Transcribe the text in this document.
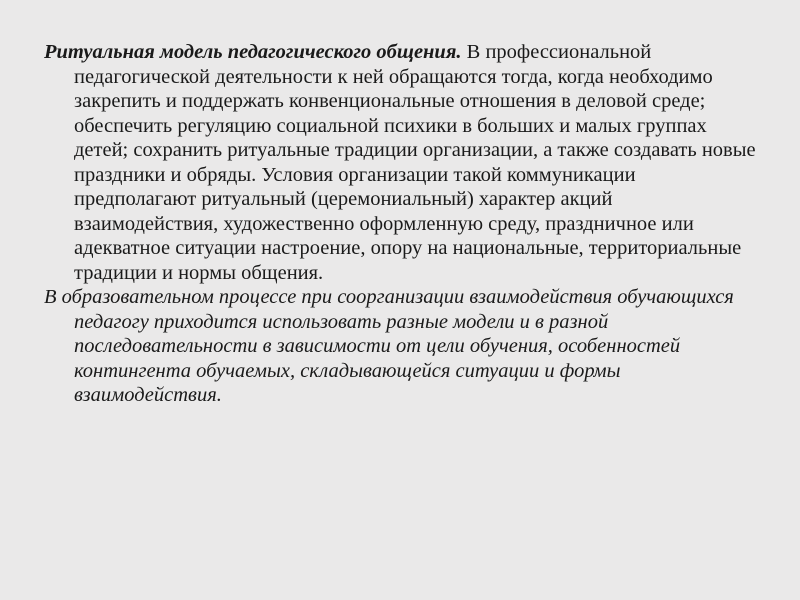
Ритуальная модель педагогического общения. В профессиональной педагогической деятельности к ней обращаются тогда, когда необходимо закрепить и поддержать конвенциональные отношения в деловой среде; обеспечить регуляцию социальной психики в больших и малых группах детей; сохранить ритуальные традиции организации, а также создавать новые праздники и обряды. Условия организации такой коммуникации предполагают ритуальный (церемониальный) характер акций взаимодействия, художественно оформленную среду, праздничное или адекватное ситуации настроение, опору на национальные, территориальные традиции и нормы общения.

В образовательном процессе при соорганизации взаимодействия обучающихся педагогу приходится использовать разные модели и в разной последовательности в зависимости от цели обучения, особенностей контингента обучаемых, складывающейся ситуации и формы взаимодействия.
